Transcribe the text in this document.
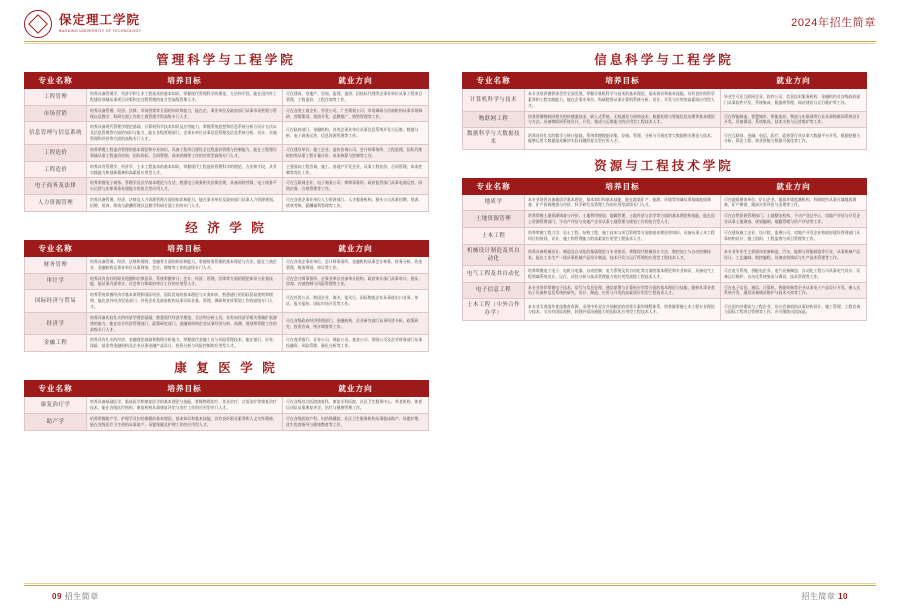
保定理工学院
BAODING UNIVERSITY OF TECHNOLOGY
2024年招生简章
管理科学与工程学院
专业名称	培养目标	就业方向
工程管理	培养具备管理学、经济学和土木工程技术的基本知识，掌握现代管理科学的理论、方法和手段，能在国内外工程建设领域从事项目决策和全过程管理的复合型高级管理人才。	可在建筑、房地产、咨询、监理、造价、招投标代理等企事业单位从事工程项目管理、工程造价、工程咨询等工作。
市场营销	培养具备管理、经济、法律、市场营销等方面的知识和能力，能在企、事业单位及政府部门从事市场营销与管理以及教学、科研方面工作的工商管理学科高级专门人才。	可在各类工商企业、外贸公司、广告策划公司、市场调研与咨询机构从事市场调研、营销策划、渠道开发、品牌推广、销售管理等工作。
信息管理与信息系统	培养具备现代管理学理论基础、计算机科学技术知识及应用能力，掌握系统思想和信息系统分析与设计方法以及信息管理等方面的知识与能力，能在各级管理部门、企事业单位从事信息管理及信息系统分析、设计、实施管理和评价等方面的高级专门人才。	可在政府部门、金融机构、各类企事业单位从事信息系统开发与运维、数据分析、电子商务运营、信息资源管理等工作。
工程造价	培养掌握工程造价管理的基本理论和专业知识，具备工程项目建设全过程造价管理与控制能力，能在工程建设领域从事工程造价咨询、招标投标、合同管理、成本控制等工作的应用型高级专门人才。	可在建设单位、施工企业、造价咨询公司、会计师事务所、工程监理、招标代理机构等从事工程计量计价、成本核算与控制等工作。
工程造价	培养具有管理学、经济学、土木工程技术的基本知识，掌握现代工程造价管理科学的理论、方法和手段，具有实践能力和创新精神的高素质应用型人才。	主要面向工程咨询、施工、房地产开发企业，从事工程估价、合同管理、成本控制等岗位工作。
电子商务及法律	培养掌握电子商务、管理学及法学基本理论与方法，熟悉电子商务相关法律法规，具备网络营销、电子商务平台运营与法律事务处理能力的复合型应用人才。	可在互联网企业、电子商务公司、律师事务所、政府监管部门从事电商运营、网络法务、合规管理等工作。
人力资源管理	培养具备管理、经济、法律及人力资源管理方面的知识和能力，能在事业单位及政府部门从事人力资源规划、招聘、培训、绩效与薪酬管理以及教学科研方面工作的专门人才。	可在各类企事业单位人力资源部门、人才服务机构、猎头公司从事招聘、培训、绩效考核、薪酬福利管理等工作。
经 济 学 院
专业名称	培养目标	就业方向
财务管理	培养具备管理、经济、法律和理财、金融等方面的知识和能力，掌握财务管理的基本理论与方法，能在工商企业、金融机构及事业单位从事财务、会计、理财等工作的高级专门人才。	可在各类企事业单位、会计师事务所、金融机构从事会计核算、财务分析、资金管理、税务筹划、审计等工作。
审计学	培养具有良好的职业道德和法律意识，系统掌握审计、会计、经济、管理、法律等方面的理论知识与业务技能，能从事内部审计、社会审计和政府审计工作的应用型人才。	可在会计师事务所、企事业单位内部审计机构、政府审计部门从事审计、鉴证、咨询、内部控制与风险管理等工作。
国际经济与贸易	培养系统掌握经济学基本原理和国际经济、国际贸易的基本理论与实务知识，熟悉通行的国际贸易规则和惯例，能在涉外经济贸易部门、外资企业及政府机构从事实际业务、管理、调研和宣传策划工作的高级专门人才。	可在外贸公司、跨国企业、海关、报关行、国际物流企业从事进出口业务、单证、报关报检、国际市场开发等工作。
经济学	培养具备比较扎实的经济学理论基础，熟悉现代经济学理论、方法和分析工具，具有向经济学相关领域扩展渗透的能力，能在综合经济管理部门、政策研究部门、金融机构和企业从事经济分析、预测、规划和管理工作的高级专门人才。	可在各级政府经济管理部门、金融机构、企业研究部门从事经济分析、政策研究、投资咨询、统计调查等工作。
金融工程	培养具有扎实的经济、金融理论基础和数理分析能力，掌握现代金融工具与风险管理技术，能在银行、证券、保险、基金等金融机构及企业从事金融产品设计、投资分析与风险控制的应用型人才。	可在商业银行、证券公司、保险公司、基金公司、期货公司及企业财务部门从事投融资、风险管理、量化分析等工作。
康 复 医 学 院
专业名称	培养目标	就业方向
康复治疗学	培养具备基础医学、临床医学和康复医学的基本理论与技能，掌握物理治疗、作业治疗、言语治疗等康复治疗技术，能在各级医疗机构、康复机构从事康复评定与治疗工作的应用型专门人才。	可在各级综合医院康复科、康复专科医院、社区卫生服务中心、养老机构、体育运动队从事康复评定、治疗与健康管理工作。
助产学	培养掌握助产学、护理学及妇幼保健的基本理论、基本知识和基本技能，具有良好职业素养和人文关怀精神，能在各级医疗卫生机构从事助产、母婴保健及护理工作的应用型人才。	可在各级医院产科、妇幼保健院、社区卫生服务机构从事临床助产、母婴护理、优生优育指导与健康教育等工作。
信息科学与工程学院
专业名称	培养目标	就业方向
计算机科学与技术	本专业培养德智体美劳全面发展，掌握计算机科学与技术的基本理论、基本知识和基本技能，具有良好的科学素养和工程实践能力，能在企事业单位、科研院所从事计算机系统分析、设计、开发与应用的高素质应用型人才。	毕业生可在互联网企业、软件公司、信息技术服务机构、金融机构及各级政府部门从事软件开发、系统集成、数据库管理、网站建设与运行维护等工作。
物联网工程	培养掌握物联网相关的传感器技术、嵌入式系统、无线通信与网络技术、数据处理与智能信息处理等基本理论与方法，具备物联网系统设计、开发、集成与运维能力的应用型工程技术人才。	可在智能制造、智慧城市、智能家居、物流与车联网等行业从事物联网系统设计开发、设备调试、系统集成、技术支持与运营维护等工作。
数据科学与大数据技术	培养具有扎实的数学与统计基础，系统掌握数据采集、存储、管理、分析与可视化等大数据相关理论与技术，能够运用大数据技术解决实际问题的复合型应用人才。	可在互联网、金融、电信、医疗、政务等行业从事大数据平台开发、数据挖掘与分析、算法工程、商业智能与数据可视化等工作。
资源与工程技术学院
专业名称	培养目标	就业方向
地质学	本专业培养具备地质学基本理论、基本知识和基本技能，能在地质矿产、能源、环境等领域从事基础地质调查、矿产资源勘查与评价、科学研究及管理工作的应用型高级专门人才。	可在地质勘查单位、矿山企业、地质环境监测机构、科研院所从事区域地质调查、矿产勘查、地质灾害评价与治理等工作。
土地资源管理	培养掌握土地资源调查与评价、土地利用规划、地籍管理、土地经济与法学等方面的基本理论和技能，能在国土资源管理部门、不动产评估与房地产企业从事土地管理与规划工作的复合型人才。	可在自然资源管理部门、土地整治机构、不动产登记中心、房地产评估与开发企业从事土地调查、规划编制、地籍管理与资产评估等工作。
土木工程	培养掌握工程力学、岩土工程、结构工程、施工技术与项目管理等方面的基本理论和知识，具备从事土木工程项目的规划、设计、施工和管理能力的高素质应用型工程技术人才。	可在建筑施工企业、设计院、监理公司、房地产开发企业和政府建设管理部门从事结构设计、施工组织、工程监理与项目管理等工作。
机械设计制造及其自动化	培养具备机械设计、制造及自动化的基础理论与专业知识，掌握现代机械设计方法、数控加工与自动控制技术，能在工业生产一线从事机械产品设计制造、技术开发与运行管理的应用型工程技术人才。	本专业毕业生主要面向装备制造、汽车、能源与智能制造等行业，从事机械产品设计、工艺编制、数控编程、设备安装调试与生产技术管理等工作。
电气工程及其自动化	培养掌握电工电子、电机与电器、自动控制、电力系统及其自动化等方面的基本理论和专业知识，具备电气工程领域系统设计、运行、试验分析与技术管理能力的应用型高级工程技术人才。	可在电力系统、供配电企业、电气设备制造、自动化工程公司从事电气设计、设备运行维护、自动化系统集成与调试、技术管理等工作。
电子信息工程	本专业培养掌握电子技术、信号与信息处理、通信原理与计算机应用等方面的基本理论与技能，能够从事各类电子设备和信息系统的研究、设计、制造、应用与开发的高素质应用型工程技术人才。	可在电子信息、通信、计算机、智能终端等企业从事电子产品设计开发、嵌入式系统开发、通信设备调试维护与技术支持等工作。
土木工程（中外合作办学）	本专业引进国外优质教育资源，采用中外双方共同制定的培养方案和课程体系，培养既掌握土木工程专业理论与技术，又具有国际视野、较强外语沟通能力的国际化应用型工程技术人才。	可在国内外建筑与工程企业、设计咨询机构从事结构设计、施工管理、工程咨询与国际工程项目管理等工作，亦可继续出国深造。
09 招生简章	招生简章 10
